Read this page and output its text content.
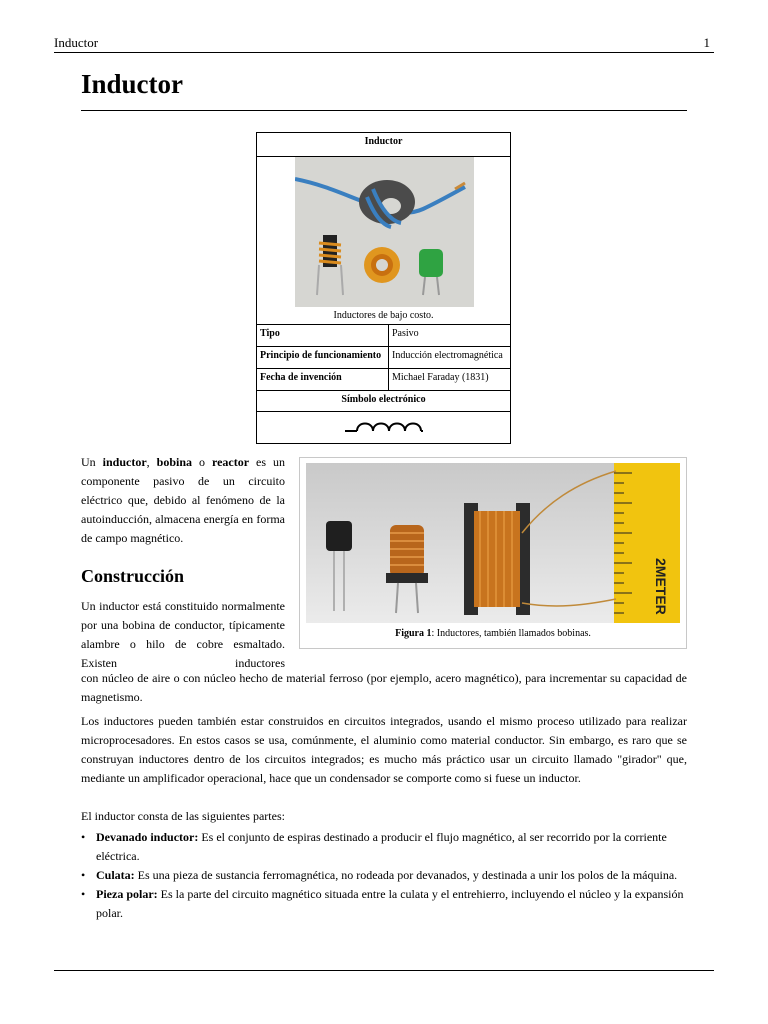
Inductor	1
Inductor
Inductor
Inductores de bajo costo.
Tipo	Pasivo
Principio de funcionamiento	Inducción electromagnética
Fecha de invención	Michael Faraday (1831)
Símbolo electrónico
Un inductor, bobina o reactor es un componente pasivo de un circuito eléctrico que, debido al fenómeno de la autoinducción, almacena energía en forma de campo magnético.
2METER
Figura 1: Inductores, también llamados bobinas.
Construcción
Un inductor está constituido normalmente por una bobina de conductor, típicamente alambre o hilo de cobre esmaltado. Existen inductores
con núcleo de aire o con núcleo hecho de material ferroso (por ejemplo, acero magnético), para incrementar su capacidad de magnetismo.
Los inductores pueden también estar construidos en circuitos integrados, usando el mismo proceso utilizado para realizar microprocesadores. En estos casos se usa, comúnmente, el aluminio como material conductor. Sin embargo, es raro que se construyan inductores dentro de los circuitos integrados; es mucho más práctico usar un circuito llamado "girador" que, mediante un amplificador operacional, hace que un condensador se comporte como si fuese un inductor.
El inductor consta de las siguientes partes:
• Devanado inductor: Es el conjunto de espiras destinado a producir el flujo magnético, al ser recorrido por la corriente eléctrica.
• Culata: Es una pieza de sustancia ferromagnética, no rodeada por devanados, y destinada a unir los polos de la máquina.
• Pieza polar: Es la parte del circuito magnético situada entre la culata y el entrehierro, incluyendo el núcleo y la expansión polar.
